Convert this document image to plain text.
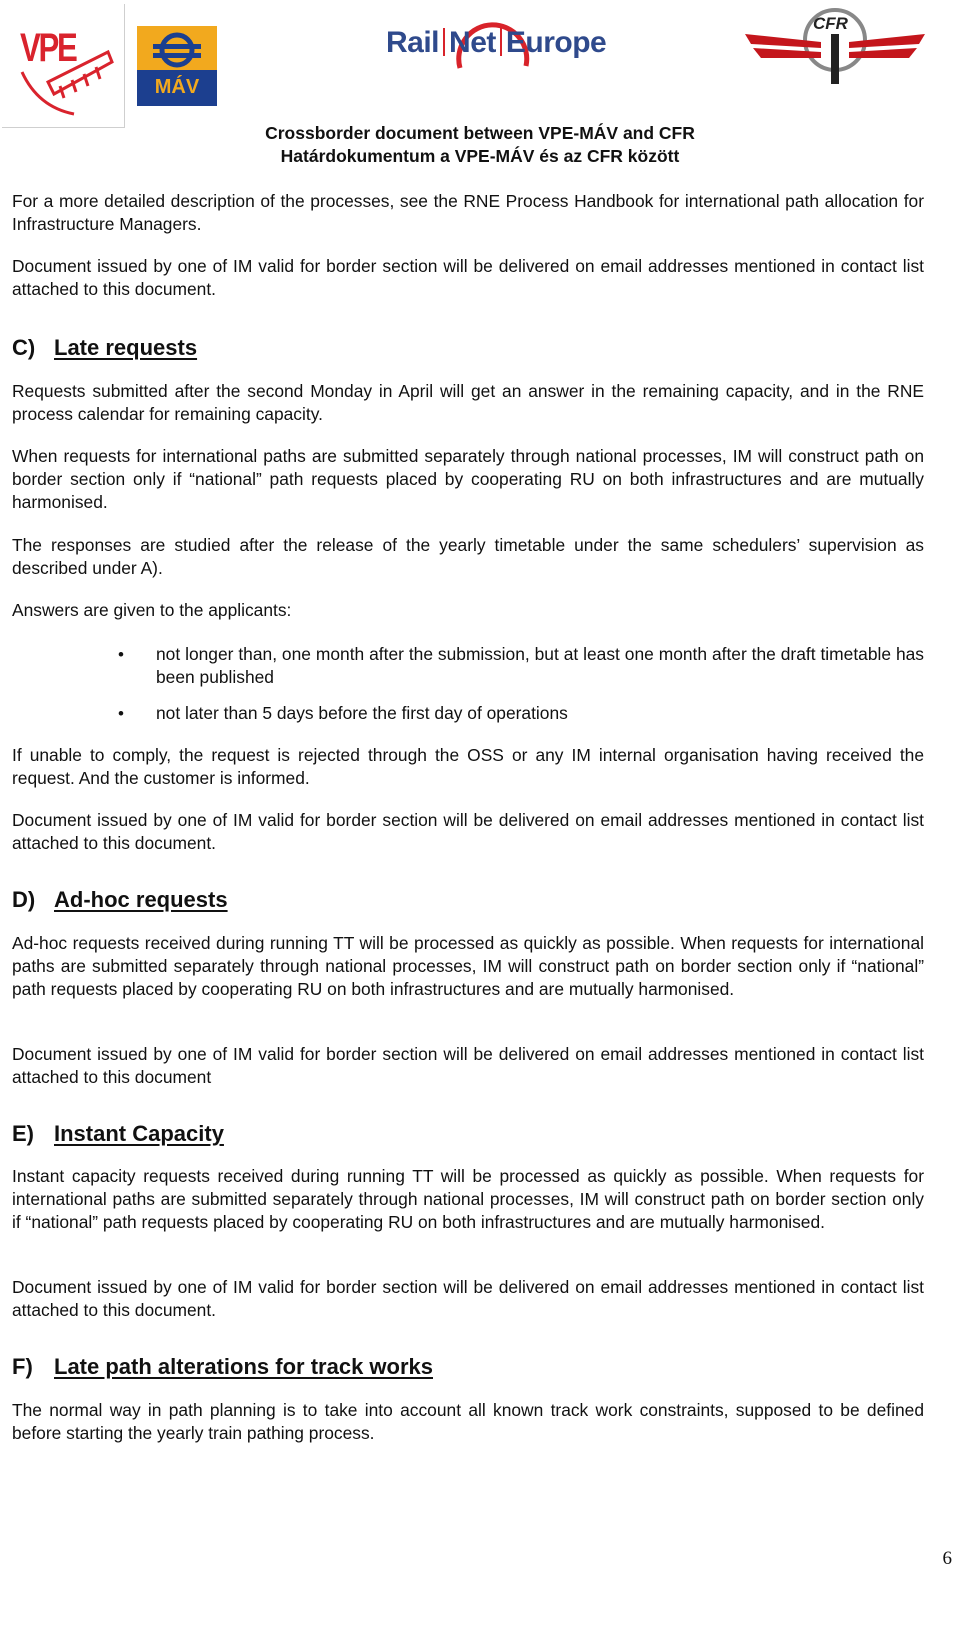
VPE
MÁV
Rail Net Europe
CFR
Crossborder document between VPE-MÁV and CFR
Határdokumentum a VPE-MÁV és az CFR között

For a more detailed description of the processes, see the RNE Process Handbook for international path allocation for Infrastructure Managers.

Document issued by one of IM valid for border section will be delivered on email addresses mentioned in contact list attached to this document.

C) Late requests

Requests submitted after the second Monday in April will get an answer in the remaining capacity, and in the RNE process calendar for remaining capacity.

When requests for international paths are submitted separately through national processes, IM will construct path on border section only if “national” path requests placed by cooperating RU on both infrastructures and are mutually harmonised.

The responses are studied after the release of the yearly timetable under the same schedulers’ supervision as described under A).

Answers are given to the applicants:

• not longer than, one month after the submission, but at least one month after the draft timetable has been published

• not later than 5 days before the first day of operations

If unable to comply, the request is rejected through the OSS or any IM internal organisation having received the request. And the customer is informed.

Document issued by one of IM valid for border section will be delivered on email addresses mentioned in contact list attached to this document.

D) Ad-hoc requests

Ad-hoc requests received during running TT will be processed as quickly as possible. When requests for international paths are submitted separately through national processes, IM will construct path on border section only if “national” path requests placed by cooperating RU on both infrastructures and are mutually harmonised.

Document issued by one of IM valid for border section will be delivered on email addresses mentioned in contact list attached to this document

E) Instant Capacity

Instant capacity requests received during running TT will be processed as quickly as possible. When requests for international paths are submitted separately through national processes, IM will construct path on border section only if “national” path requests placed by cooperating RU on both infrastructures and are mutually harmonised.

Document issued by one of IM valid for border section will be delivered on email addresses mentioned in contact list attached to this document.

F) Late path alterations for track works

The normal way in path planning is to take into account all known track work constraints, supposed to be defined before starting the yearly train pathing process.

6
